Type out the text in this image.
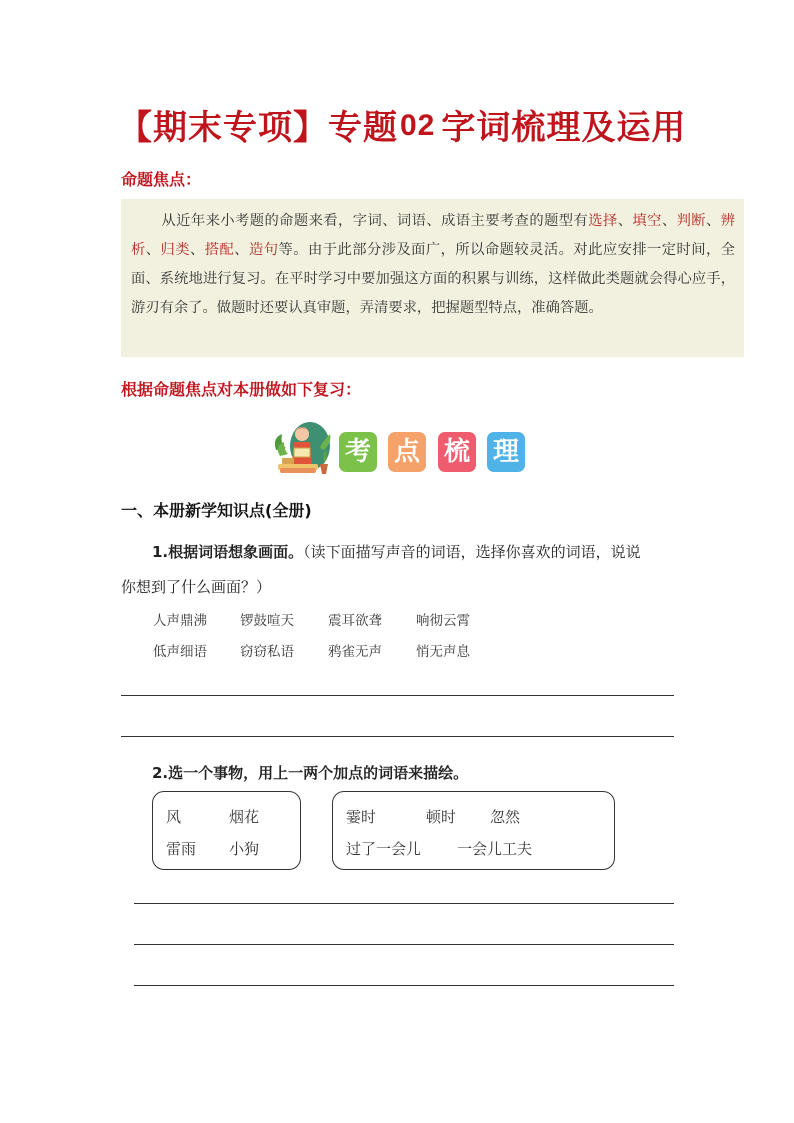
【期末专项】专题02 字词梳理及运用
命题焦点：
从近年来小考题的命题来看，字词、词语、成语主要考查的题型有选择、填空、判断、辨析、归类、搭配、造句等。由于此部分涉及面广，所以命题较灵活。对此应安排一定时间，全面、系统地进行复习。在平时学习中要加强这方面的积累与训练，这样做此类题就会得心应手，游刃有余了。做题时还要认真审题，弄清要求，把握题型特点，准确答题。
根据命题焦点对本册做如下复习：
考 点 梳 理
一、本册新学知识点(全册)
1.根据词语想象画面。（读下面描写声音的词语，选择你喜欢的词语，说说
你想到了什么画面？）
人声鼎沸 锣鼓喧天	震耳欲聋	响彻云霄
低声细语 窃窃私语	鸦雀无声	悄无声息
2.选一个事物，用上一两个加点的词语来描绘。
风	烟花
雷雨 小狗
霎时	顿时 忽然
过了一会儿 一会儿工夫
